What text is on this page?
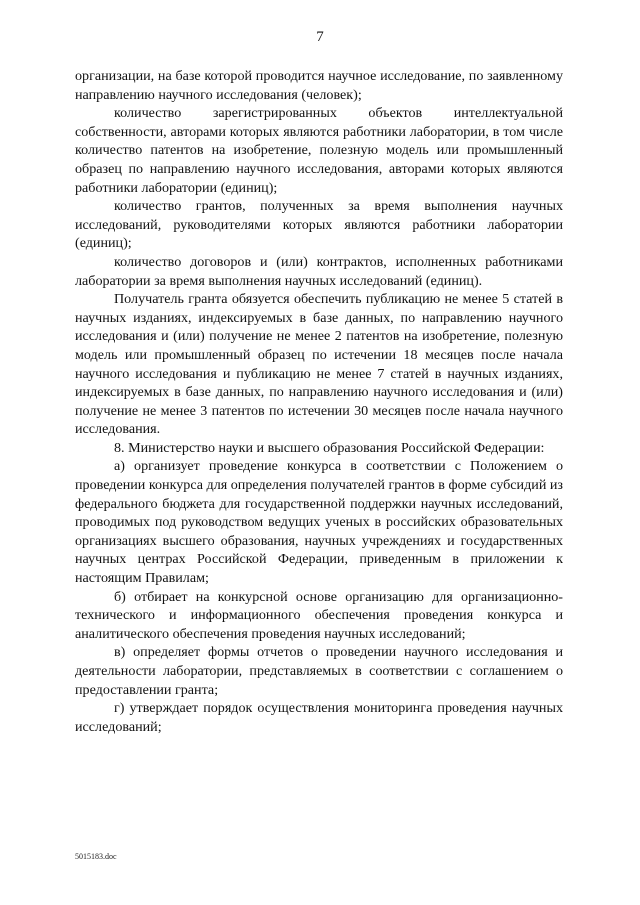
7

организации, на базе которой проводится научное исследование, по заявленному направлению научного исследования (человек);

количество зарегистрированных объектов интеллектуальной собственности, авторами которых являются работники лаборатории, в том числе количество патентов на изобретение, полезную модель или промышленный образец по направлению научного исследования, авторами которых являются работники лаборатории (единиц);

количество грантов, полученных за время выполнения научных исследований, руководителями которых являются работники лаборатории (единиц);

количество договоров и (или) контрактов, исполненных работниками лаборатории за время выполнения научных исследований (единиц).

Получатель гранта обязуется обеспечить публикацию не менее 5 статей в научных изданиях, индексируемых в базе данных, по направлению научного исследования и (или) получение не менее 2 патентов на изобретение, полезную модель или промышленный образец по истечении 18 месяцев после начала научного исследования и публикацию не менее 7 статей в научных изданиях, индексируемых в базе данных, по направлению научного исследования и (или) получение не менее 3 патентов по истечении 30 месяцев после начала научного исследования.

8. Министерство науки и высшего образования Российской Федерации:

а) организует проведение конкурса в соответствии с Положением о проведении конкурса для определения получателей грантов в форме субсидий из федерального бюджета для государственной поддержки научных исследований, проводимых под руководством ведущих ученых в российских образовательных организациях высшего образования, научных учреждениях и государственных научных центрах Российской Федерации, приведенным в приложении к настоящим Правилам;

б) отбирает на конкурсной основе организацию для организационно-технического и информационного обеспечения проведения конкурса и аналитического обеспечения проведения научных исследований;

в) определяет формы отчетов о проведении научного исследования и деятельности лаборатории, представляемых в соответствии с соглашением о предоставлении гранта;

г) утверждает порядок осуществления мониторинга проведения научных исследований;

5015183.doc
